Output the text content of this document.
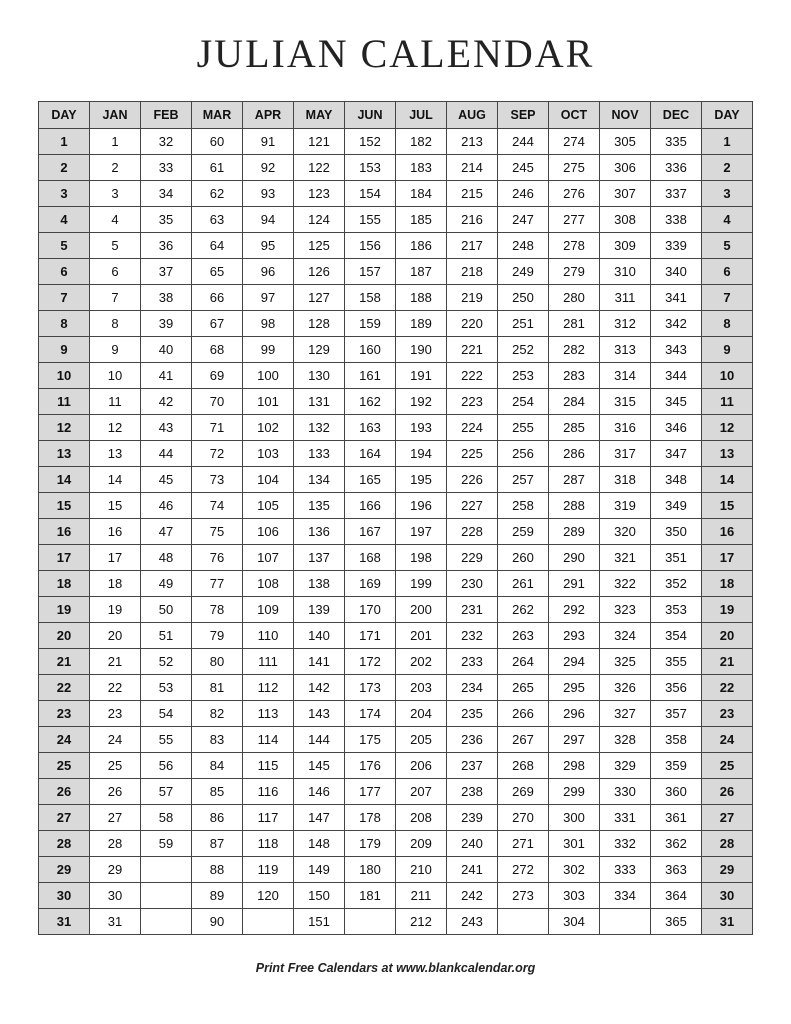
JULIAN CALENDAR
DAY	JAN	FEB	MAR	APR	MAY	JUN	JUL	AUG	SEP	OCT	NOV	DEC	DAY
1	1	32	60	91	121	152	182	213	244	274	305	335	1
2	2	33	61	92	122	153	183	214	245	275	306	336	2
3	3	34	62	93	123	154	184	215	246	276	307	337	3
4	4	35	63	94	124	155	185	216	247	277	308	338	4
5	5	36	64	95	125	156	186	217	248	278	309	339	5
6	6	37	65	96	126	157	187	218	249	279	310	340	6
7	7	38	66	97	127	158	188	219	250	280	311	341	7
8	8	39	67	98	128	159	189	220	251	281	312	342	8
9	9	40	68	99	129	160	190	221	252	282	313	343	9
10	10	41	69	100	130	161	191	222	253	283	314	344	10
11	11	42	70	101	131	162	192	223	254	284	315	345	11
12	12	43	71	102	132	163	193	224	255	285	316	346	12
13	13	44	72	103	133	164	194	225	256	286	317	347	13
14	14	45	73	104	134	165	195	226	257	287	318	348	14
15	15	46	74	105	135	166	196	227	258	288	319	349	15
16	16	47	75	106	136	167	197	228	259	289	320	350	16
17	17	48	76	107	137	168	198	229	260	290	321	351	17
18	18	49	77	108	138	169	199	230	261	291	322	352	18
19	19	50	78	109	139	170	200	231	262	292	323	353	19
20	20	51	79	110	140	171	201	232	263	293	324	354	20
21	21	52	80	111	141	172	202	233	264	294	325	355	21
22	22	53	81	112	142	173	203	234	265	295	326	356	22
23	23	54	82	113	143	174	204	235	266	296	327	357	23
24	24	55	83	114	144	175	205	236	267	297	328	358	24
25	25	56	84	115	145	176	206	237	268	298	329	359	25
26	26	57	85	116	146	177	207	238	269	299	330	360	26
27	27	58	86	117	147	178	208	239	270	300	331	361	27
28	28	59	87	118	148	179	209	240	271	301	332	362	28
29	29		88	119	149	180	210	241	272	302	333	363	29
30	30		89	120	150	181	211	242	273	303	334	364	30
31	31		90		151		212	243		304		365	31
Print Free Calendars at www.blankcalendar.org
